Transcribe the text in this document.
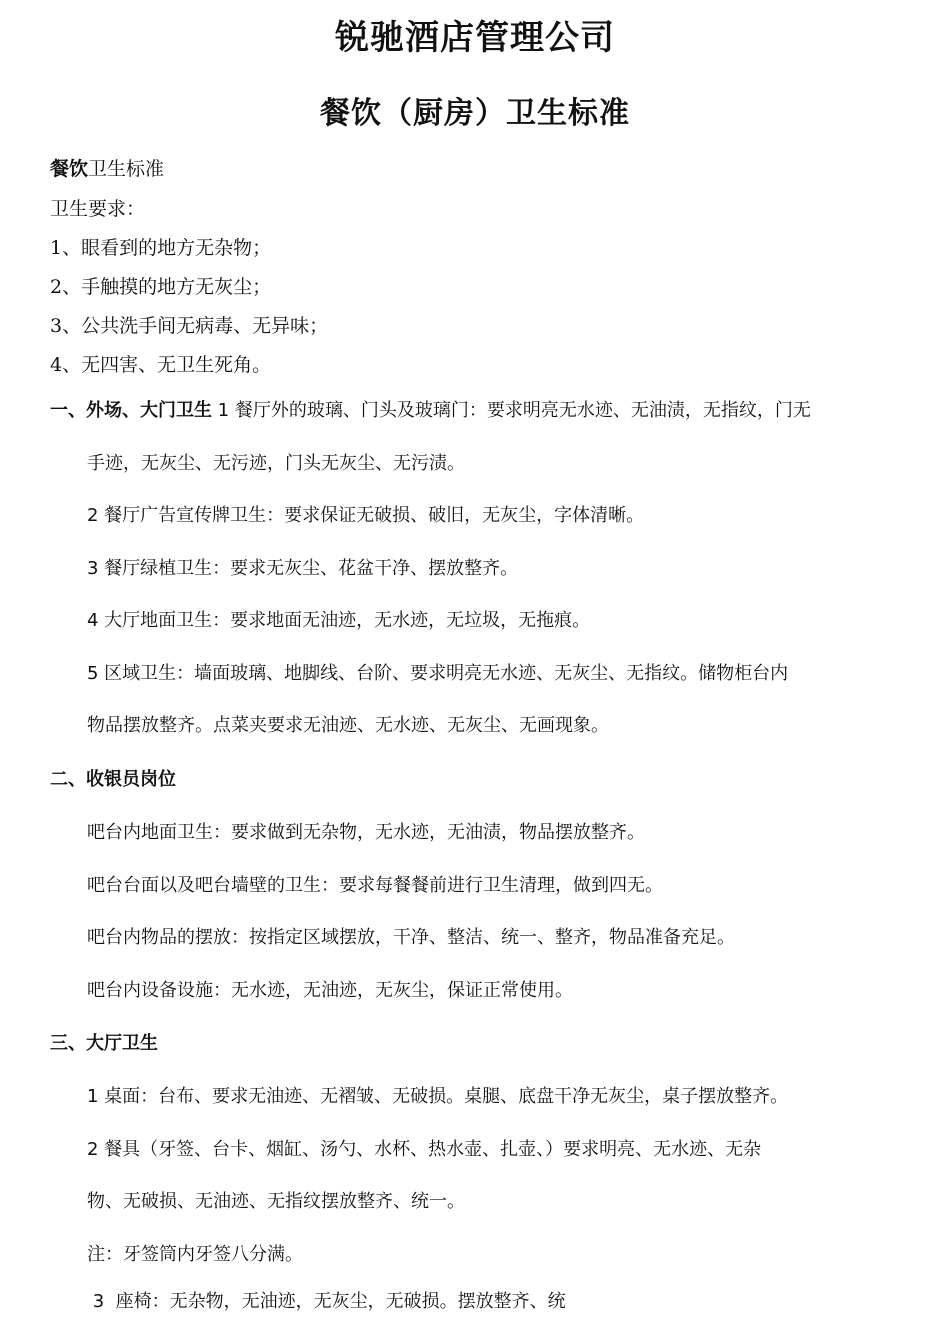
锐驰酒店管理公司
餐饮（厨房）卫生标准
餐饮卫生标准
卫生要求：
1、眼看到的地方无杂物；
2、手触摸的地方无灰尘；
3、公共洗手间无病毒、无异味；
4、无四害、无卫生死角。
一、外场、大门卫生 1 餐厅外的玻璃、门头及玻璃门：要求明亮无水迹、无油渍，无指纹，门无
手迹，无灰尘、无污迹，门头无灰尘、无污渍。
2 餐厅广告宣传牌卫生：要求保证无破损、破旧，无灰尘，字体清晰。
3 餐厅绿植卫生：要求无灰尘、花盆干净、摆放整齐。
4 大厅地面卫生：要求地面无油迹，无水迹，无垃圾，无拖痕。
5 区域卫生：墙面玻璃、地脚线、台阶、要求明亮无水迹、无灰尘、无指纹。储物柜台内
物品摆放整齐。点菜夹要求无油迹、无水迹、无灰尘、无画现象。
二、收银员岗位
吧台内地面卫生：要求做到无杂物，无水迹，无油渍，物品摆放整齐。
吧台台面以及吧台墙壁的卫生：要求每餐餐前进行卫生清理，做到四无。
吧台内物品的摆放：按指定区域摆放，干净、整洁、统一、整齐，物品准备充足。
吧台内设备设施：无水迹，无油迹，无灰尘，保证正常使用。
三、大厅卫生
1 桌面：台布、要求无油迹、无褶皱、无破损。桌腿、底盘干净无灰尘，桌子摆放整齐。
2 餐具（牙签、台卡、烟缸、汤勺、水杯、热水壶、扎壶、）要求明亮、无水迹、无杂
物、无破损、无油迹、无指纹摆放整齐、统一。
注：牙签筒内牙签八分满。
3  座椅：无杂物，无油迹，无灰尘，无破损。摆放整齐、统
